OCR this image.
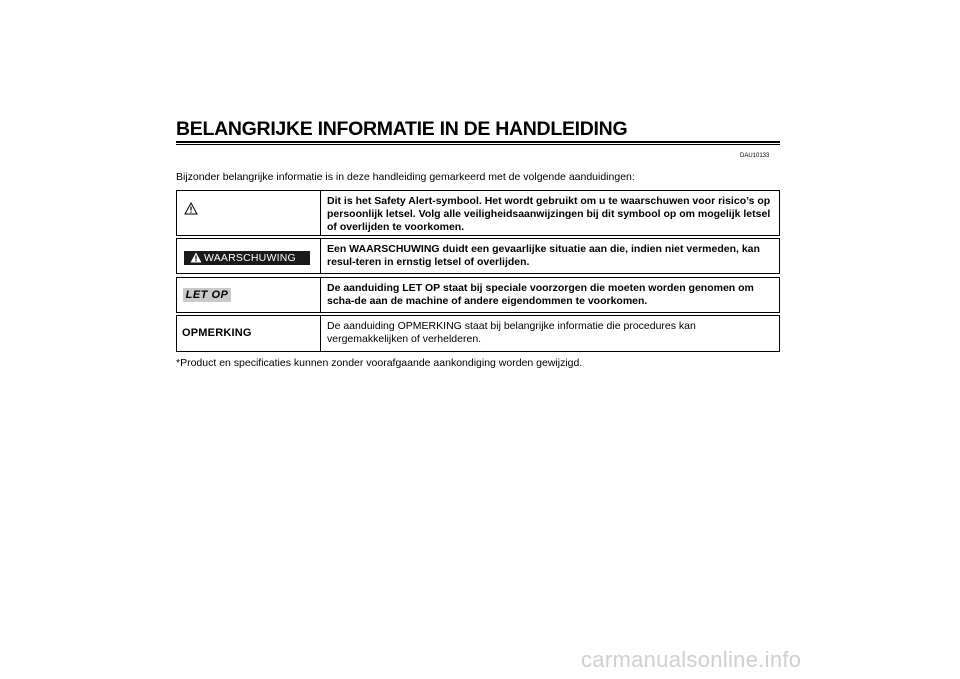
BELANGRIJKE INFORMATIE IN DE HANDLEIDING
DAU10133
Bijzonder belangrijke informatie is in deze handleiding gemarkeerd met de volgende aanduidingen:
Dit is het Safety Alert-symbool. Het wordt gebruikt om u te waarschuwen voor risico’s op persoonlijk letsel. Volg alle veiligheidsaanwijzingen bij dit symbool op om mogelijk letsel of overlijden te voorkomen.
WAARSCHUWING
Een WAARSCHUWING duidt een gevaarlijke situatie aan die, indien niet vermeden, kan resul-teren in ernstig letsel of overlijden.
LET OP
De aanduiding LET OP staat bij speciale voorzorgen die moeten worden genomen om scha-de aan de machine of andere eigendommen te voorkomen.
OPMERKING
De aanduiding OPMERKING staat bij belangrijke informatie die procedures kan vergemakkelijken of verhelderen.
*Product en specificaties kunnen zonder voorafgaande aankondiging worden gewijzigd.
carmanualsonline.info
